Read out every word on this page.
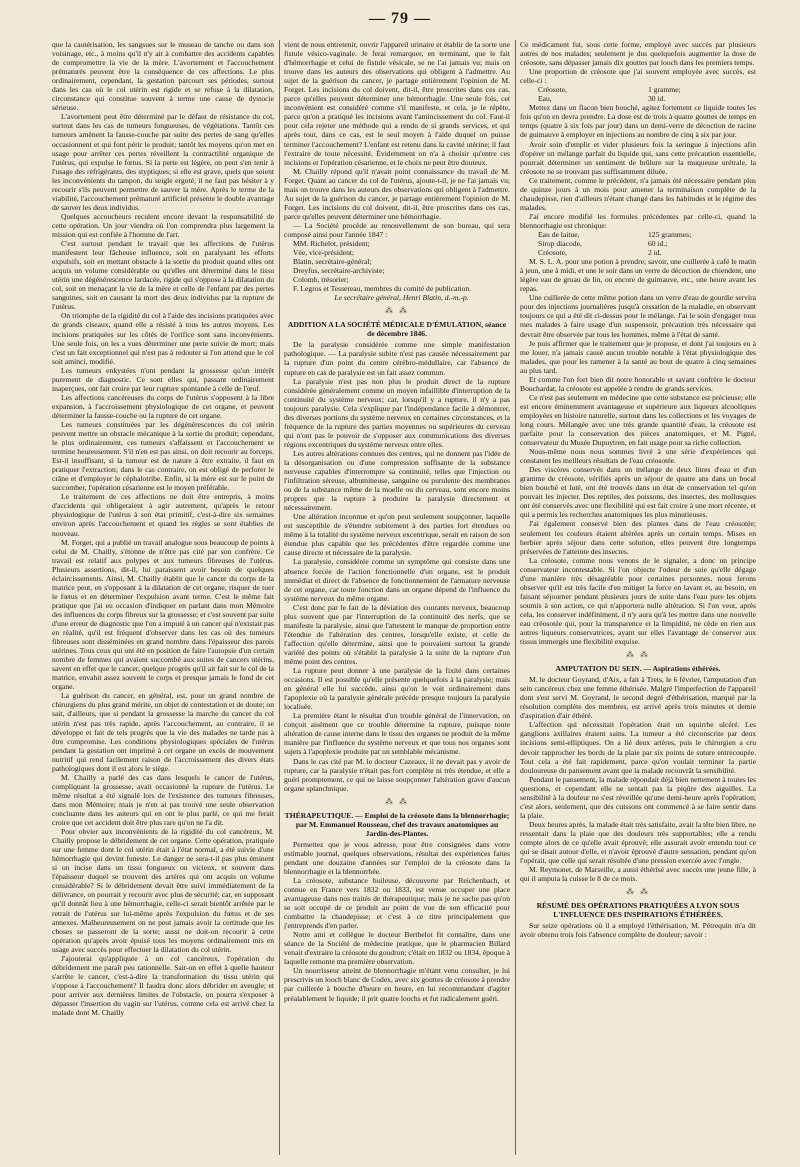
— 79 —

que la cautérisation, les sangsues sur le museau de tanche ou dans son voisinage, etc., à moins qu'il n'y ait à combattre des accidents capables de compromettre la vie de la mère. L'avortement et l'accouchement prématurés peuvent être la conséquence de ces affections. Le plus ordinairement, cependant, la gestation parcourt ses périodes, surtout dans les cas où le col utérin est rigide et se refuse à la dilatation, circonstance qui constitue souvent à terme une cause de dystocie sérieuse.

L'avortement peut être déterminé par le défaut de résistance du col, surtout dans les cas de tumeurs fongueuses, de végétations. Tantôt ces tumeurs amènent la fausse-couche par suite des pertes de sang qu'elles occasionnent et qui font périr le produit; tantôt les moyens qu'on met en usage pour arrêter ces pertes réveillent la contractilité organique de l'utérus, qui expulse le fœtus. Si la perte est légère, on peut s'en tenir à l'usage des réfrigérants, des styptiques; si elle est grave, quels que soient les inconvénients du tampon, du seigle ergoté, il ne faut pas hésiter à y recourir s'ils peuvent permettre de sauver la mère. Après le terme de la viabilité, l'accouchement prématuré artificiel présente le double avantage de sauver les deux individus.

Quelques accoucheurs reculent encore devant la responsabilité de cette opération. Un jour viendra où l'on comprendra plus largement la mission qui est confiée à l'homme de l'art.

C'est surtout pendant le travail que les affections de l'utérus manifestent leur fâcheuse influence, soit en paralysant les efforts expulsifs, soit en mettant obstacle à la sortie du produit quand elles ont acquis un volume considérable ou qu'elles ont déterminé dans le tissu utérin une dégénérescence lardacée, rigide qui s'oppose à la dilatation du col, soit en menaçant la vie de la mère et celle de l'enfant par des pertes sanguines, soit en causant la mort des deux individus par la rupture de l'utérus.

On triomphe de la rigidité du col à l'aide des incisions pratiquées avec de grands ciseaux, quand elle a résisté à tous les autres moyens. Les incisions pratiquées sur les côtés de l'orifice sont sans inconvénients. Une seule fois, on les a vues déterminer une perte suivie de mort; mais c'est un fait exceptionnel qui n'est pas à redouter si l'on attend que le col soit aminci, modifié.

Les tumeurs enkystées n'ont pendant la grossesse qu'un intérêt purement de diagnostic. Ce sont elles qui, passant ordinairement inaperçues, ont fait croire par leur rupture spontanée à celle de l'œuf.

Les affections cancéreuses du corps de l'utérus s'opposent à la libre expansion, à l'accroissement physiologique de cet organe, et peuvent déterminer la fausse-couche ou la rupture de cet organe.

Les tumeurs constituées par les dégénérescences du col utérin peuvent mettre un obstacle mécanique à la sortie du produit; cependant, le plus ordinairement, ces tumeurs s'affaissent et l'accouchement se termine heureusement. S'il n'en est pas ainsi, on doit recourir au forceps. Est-il insuffisant, si la tumeur est de nature à être extraite, il faut en pratiquer l'extraction; dans le cas contraire, on est obligé de perforer le crâne et d'employer le céphalotribe. Enfin, si la mère est sur le point de succomber, l'opération césarienne est le moyen préférable.

Le traitement de ces affections ne doit être entrepris, à moins d'accidents qui obligeraient à agir autrement, qu'après le retour physiologique de l'utérus à son état primitif, c'est-à-dire six semaines environ après l'accouchement et quand les règles se sont établies de nouveau.

M. Forget, qui a publié un travail analogue sous beaucoup de points à celui de M. Chailly, s'étonne de n'être pas cité par son confrère. Ce travail est relatif aux polypes et aux tumeurs fibreuses de l'utérus. Plusieurs assertions, dit-il, lui paraissent avoir besoin de quelques éclaircissements. Ainsi, M. Chailly établit que le cancer du corps de la matrice peut, en s'opposant à la dilatation de cet organe, risquer de tuer le fœtus et en déterminer l'expulsion avant terme. C'est le même fait pratique que j'ai eu occasion d'indiquer en parlant dans mon Mémoire des influences du corps fibreux sur la grossesse; et c'est souvent par suite d'une erreur de diagnostic que l'on a imputé à un cancer qui n'existait pas en réalité, qu'il est fréquent d'observer dans les cas où des tumeurs fibreuses sont disséminées en grand nombre dans l'épaisseur des parois utérines. Tous ceux qui ont été en position de faire l'autopsie d'un certain nombre de femmes qui avaient succombé aux suites de cancers utérins, savent en effet que le cancer, quelque progrès qu'il ait fait sur le col de la matrice, envahit assez souvent le corps et presque jamais le fond de cet organe.

La guérison du cancer, en général, est, pour un grand nombre de chirurgiens du plus grand mérite, un objet de contestation et de doute; on sait, d'ailleurs, que si pendant la grossesse la marche du cancer du col utérin n'est pas très rapide, après l'accouchement, au contraire, il se développe et fait de tels progrès que la vie des malades ne tarde pas à être compromise. Les conditions physiologiques spéciales de l'utérus pendant la gestation ont imprimé à cet organe un excès de mouvement nutritif qui rend facilement raison de l'accroissement des divers états pathologiques dont il est alors le siège.

M. Chailly a parlé des cas dans lesquels le cancer de l'utérus, compliquant la grossesse, avait occasionné la rupture de l'utérus. Le même résultat a été signalé lors de l'existence des tumeurs fibreuses, dans mon Mémoire; mais je n'en ai pas trouvé une seule observation concluante dans les auteurs qui en ont le plus parlé, ce qui me ferait croire que cet accident doit être plus rare qu'on ne l'a dit.

Pour obvier aux inconvénients de la rigidité du col cancéreux, M. Chailly propose le débridement de cet organe. Cette opération, pratiquée sur une femme dont le col utérin était à l'état normal, a été suivie d'une hémorrhagie qui devint funeste. Le danger ne sera-t-il pas plus éminent si on incise dans un tissu fongueux ou vicieux, et souvent dans l'épaisseur duquel se trouvent des artères qui ont acquis un volume considérable? Si le débridement devait être suivi immédiatement de la délivrance, on pourrait y recourir avec plus de sécurité; car, en supposant qu'il donnât lieu à une hémorrhagie, celle-ci serait bientôt arrêtée par le retrait de l'utérus sur lui-même après l'expulsion du fœtus et de ses annexes. Malheureusement on ne peut jamais avoir la certitude que les choses se passeront de la sorte; aussi ne doit-on recourir à cette opération qu'après avoir épuisé tous les moyens ordinairement mis en usage avec succès pour effectuer la dilatation du col utérin.

J'ajouterai qu'appliquée à un col cancéreux, l'opération du débridement me paraît peu rationnelle. Sait-on en effet à quelle hauteur s'arrête le cancer, c'est-à-dire la transformation du tissu utérin qui s'oppose à l'accouchement? Il faudra donc alors débrider en aveugle; et pour arriver aux dernières limites de l'obstacle, on pourra s'exposer à dépasser l'insertion du vagin sur l'utérus, comme cela est arrivé chez la malade dont M. Chailly

vient de nous entretenir, ouvrir l'appareil urinaire et établir de la sorte une fistule vésico-vaginale. Je ferai remarquer, en terminant, que le fait d'hémorrhagie et celui de fistule vésicale, se ne l'ai jamais vu; mais on trouve dans les auteurs des observations qui obligent à l'admettre. Au sujet de la guérison du cancer, je partage entièrement l'opinion de M. Forget. Les incisions du col doivent, dit-il, être proscrites dans ces cas, parce qu'elles peuvent déterminer une hémorrhagie. Une seule fois, cet inconvénient est considéré comme s'il manifeste, et cela, je le répète, parce qu'on a pratiqué les incisions avant l'amincissement du col. Faut-il pour cela rejeter une méthode qui a rendu de si grands services, et qui après tout, dans ce cas, est le seul moyen à l'aide duquel on puisse terminer l'accouchement? L'enfant est retenu dans la cavité utérine; il faut l'extraire de toute nécessité. Évidemment on n'a à choisir qu'entre ces incisions et l'opération césarienne, et le choix ne peut être douteux.

M. Chailly répond qu'il n'avait point connaissance du travail de M. Forget. Quant au cancer du col de l'utérus, ajoute-t-il, je ne l'ai jamais vu; mais on trouve dans les auteurs des observations qui obligent à l'admettre. Au sujet de la guérison du cancer, je partage entièrement l'opinion de M. Forget. Les incisions du col doivent, dit-il, être proscrites dans ces cas, parce qu'elles peuvent déterminer une hémorrhagie.

— La Société procède au renouvellement de son bureau, qui sera composé ainsi pour l'année 1847 :

MM. Richelot, président;

Vée, vice-président;

Blatin, secrétaire-général;

Dreyfus, secrétaire-archiviste;

Colomb, trésorier;

F. Legros et Tessereau, membres du comité de publication.

Le secrétaire général, Henri Blatin, d.-m.-p.

⁂ ⁂
ADDITION A LA SOCIÉTÉ MÉDICALE D'ÉMULATION, séance de décembre 1846.

De la paralysie considérée comme une simple manifestation pathologique. — La paralysie subite n'est pas causée nécessairement par la rupture d'un point du centre cérébro-médullaire, car l'absence de rupture en cas de paralysie est un fait assez commun.

La paralysie n'est pas non plus le produit direct de la rupture considérée généralement comme un moyen infaillible d'interruption de la continuité du système nerveux; car, lorsqu'il y a rupture, il n'y a pas toujours paralysie. Cela s'explique par l'indépendance facile à démontrer, des diverses portions du système nerveux en certaines circonstances, et la fréquence de la rupture des parties moyennes ou supérieures du cerveau qui n'ont pas le pouvoir de s'opposer aux communications des diverses régions excentriques du système nerveux entre elles.

Les autres altérations connues des centres, qui ne donnent pas l'idée de la désorganisation ou d'une compression suffisante de la substance nerveuse capables d'interrompre sa continuité, telles que l'injection ou l'infiltration séreuse, albumineuse, sanguine ou purulente des membranes ou de la substance même de la moelle ou du cerveau, sont encore moins propres que la rupture à produire la paralysie directement et nécessairement.

Une altération inconnue et qu'on peut seulement soupçonner, laquelle est susceptible de s'étendre subitement à des parties fort étendues ou même à la totalité du système nerveux excentrique, serait en raison de son étendue plus capable que les précédentes d'être regardée comme une cause directe et nécessaire de la paralysie.

La paralysie, considérée comme un symptôme qui consiste dans une absence forcée de l'action fonctionnelle d'un organe, est le produit immédiat et direct de l'absence de fonctionnement de l'armature nerveuse de cet organe, car toute fonction dans un organe dépend de l'influence du système nerveux du même organe.

C'est donc par le fait de la déviation des courants nerveux, beaucoup plus souvent que par l'interruption de la continuité des nerfs, que se manifeste la paralysie, ainsi que l'attestent le manque de proportion entre l'étendue de l'altération des centres, lorsqu'elle existe, et celle de l'affection qu'elle détermine, ainsi que le pouvaient surtout la grande variété des points où s'établit la paralysie à la suite de la rupture d'un même point des centres.

La rupture peut donner à une paralysie de la fixité dans certaines occasions. Il est possible qu'elle présente quelquefois à la paralysie; mais en général elle lui succède, ainsi qu'on le voit ordinairement dans l'apoplexie où la paralysie générale précède presque toujours la paralysie localisée.

La première étant le résultat d'un trouble général de l'innervation, on conçoit aisément que ce trouble détermine la rupture, puisque toute altération de cause interne dans le tissu des organes ne produit de la même manière par l'influence du système nerveux et que tous nos organes sont sujets à l'apoplexie produite par un semblable mécanisme.

Dans le cas cité par M. le docteur Cazeaux, il ne devait pas y avoir de rupture, car la paralysie n'était pas fort complète ni très étendue, et elle a guéri promptement, ce qui ne laisse soupçonner l'altération grave d'aucun organe splanchnique.

⁂ ⁂
THÉRAPEUTIQUE. — Emploi de la créosote dans la blennorrhagie; par M. Emmanuel Rousseau, chef des travaux anatomiques au Jardin-des-Plantes.

Permettez que je vous adresse, pour être consignées dans votre estimable journal, quelques observations, résultat des expériences faites pendant une douzaine d'années sur l'emploi de la créosote dans la blennorrhagie et la blennorrhée.

La créosote, substance huileuse, découverte par Reichenbach, et connue en France vers 1832 ou 1833, est venue occuper une place avantageuse dans nos traités de thérapeutique; mais je ne sache pas qu'on se soit occupé de ce produit au point de vue de son efficacité pour combattre la chaudepisse; et c'est à ce titre principalement que j'entreprends d'en parler.

Notre ami et collègue le docteur Berthelot fit connaître, dans une séance de la Société de médecine pratique, que le pharmacien Billard venait d'extraire la créosote du goudron; c'était en 1832 ou 1834, époque à laquelle remonte ma première observation.

Un nourrisseur atteint de blennorrhagie m'étant venu consulter, je lui prescrivis un looch blanc de Codex, avec six gouttes de créosote à prendre par cuillerée à bouche d'heure en heure, en lui recommandant d'agiter préalablement le liquide; il prit quatre loochs et fut radicalement guéri.

Ce médicament fut, sous cette forme, employé avec succès par plusieurs autres de nos malades; seulement je dus quelquefois augmenter la dose de créosote, sans dépasser jamais dix gouttes par looch dans les premiers temps.

Une proportion de créosote que j'ai souvent employée avec succès, est celle-ci :

Créosote,	1 gramme;

Eau,	30 id.

Mettez dans un flacon bien bouché, agitez fortement ce liquide toutes les fois qu'on en devra prendre. La dose est de trois à quatre gouttes de temps en temps (quatre à six fois par jour) dans un demi-verre de décoction de racine de guimauve à employer en injections au nombre de cinq à six par jour.

Avoir soin d'emplir et vider plusieurs fois la seringue à injections afin d'opérer un mélange parfait du liquide qui, sans cette précaution essentielle, pourrait déterminer un sentiment de brûlure sur la muqueuse urétrale, la créosote ne se trouvant pas suffisamment diluée.

Ce traitement, comme le précédent, n'a jamais été nécessaire pendant plus de quinze jours à un mois pour amener la terminaison complète de la chaudepisse, rien d'ailleurs n'étant changé dans les habitudes et le régime des malades.

J'ai encore modifié les formules précédentes par celle-ci, quand la blennorrhagie est chronique:

Eau de laitue,	125 grammes;

Sirop diacode,	60 id.;

Créosote,	2 id.

M. S. L. A. pour une potion à prendre; savoir, une cuillerée à café le matin à jeun, une à midi, et une le soir dans un verre de décoction de chiendent, une légère eau de gruau de lin, ou encore de guimauve, etc., une heure avant les repas.

Une cuillerée de cette même potion dans un verre d'eau de gourdie servira pour des injections journalières jusqu'à cessation de la maladie, en observant toujours ce qui a été dit ci-dessus pour le mélange. J'ai le soin d'engager tous mes malades à faire usage d'un suspensoir, précaution très nécessaire qui devrait être observée par tous les hommes, même à l'état de santé.

Je puis affirmer que le traitement que je propose, et dont j'ai toujours eu à me louer, n'a jamais causé aucun trouble notable à l'état physiologique des malades, que pour les ramener à la santé au bout de quatre à cinq semaines au plus tard.

Et comme l'on fort bien dit notre honorable et savant confrère le docteur Bouchardat, la créosote est appelée à rendre de grands services.

Ce n'est pas seulement en médecine que cette substance est précieuse; elle est encore éminemment avantageuse et supérieure aux liqueurs alcooliques employées en histoire naturelle, surtout dans les collections et les voyages de long cours. Mélangée avec une très grande quantité d'eau, la créosote est parfaite pour la conservation des pièces anatomiques, et M. Pigné, conservateur du Musée Dupuytren, en fait usage pour sa riche collection.

Nous-même nous nous sommes livré à une série d'expériences qui constatent les meilleurs résultats de l'eau créosotée.

Des viscères conservés dans un mélange de deux litres d'eau et d'un gramme de créosote, vérifiés après un séjour de quatre ans dans un bocal bien bouché et luté, ont été trouvés dans un état de conservation tel qu'on pouvait les injecter. Des reptiles, des poissons, des insectes, des mollusques ont été conservés avec une flexibilité qui est fait croire à une mort récente, et qui a permis les recherches anatomiques les plus minutieuses.

J'ai également conservé bien des plantes dans de l'eau créosotée; seulement les couleurs étaient altérées après un certain temps. Mises en herbier après séjour dans cette solution, elles peuvent être longtemps préservées de l'atteinte des insectes.

La créosote, comme nous venons de le signaler, a donc un principe conservateur incontestable. Si l'on objecte l'odeur de suie qu'elle dégage d'une manière très désagréable pour certaines personnes, nous ferons observer qu'il est très facile d'en mitiger la force en lavant et, au besoin, en faisant séjourner pendant plusieurs jours de suite dans l'eau pure les objets soumis à son action, ce qui n'apportera nulle altération. Si l'on veut, après cela, les conserver indéfiniment, il n'y aura qu'à les mettre dans une nouvelle eau créosotée qui, pour la transparence et la limpidité, ne cède en rien aux autres liqueurs conservatrices, ayant sur elles l'avantage de conserver aux tissus immergés une flexibilité exquise.

⁂ ⁂
AMPUTATION DU SEIN. — Aspirations éthérées.

M. le docteur Goyrand, d'Aix, a fait à Trets, le 6 février, l'amputation d'un sein cancéreux chez une femme éthérisée. Malgré l'imperfection de l'appareil dont s'est servi M. Goyrand, le second degré d'éthérisation, marqué par la résolution complète des membres, est arrivé après trois minutes et demie d'aspiration d'air éthéré.

L'affection qui nécessitait l'opération était un squirrhe ulcéré. Les ganglions axillaires étaient sains. La tumeur a été circonscrite par deux incisions semi-elliptiques. On a lié deux artères, puis le chirurgien a cru devoir rapprocher les bords de la plaie par six points de suture entrecoupée. Tout cela a été fait rapidement, parce qu'on voulait terminer la partie douloureuse du pansement avant que la malade recouvrât la sensibilité.

Pendant le pansement, la malade répondait déjà bien nettement à toutes les questions, et cependant elle ne sentait pas la piqûre des aiguilles. La sensibilité à la douleur ne s'est réveillée qu'une demi-heure après l'opération; c'est alors, seulement, que des cuissons ont commencé à se faire sentir dans la plaie.

Deux heures après, la malade était très satisfaite, avait la tête bien libre, ne ressentait dans la plaie que des douleurs très supportables; elle a rendu compte alors de ce qu'elle avait éprouvé; elle assurait avoir entendu tout ce qui se disait autour d'elle, et n'avoir éprouvé d'autre sensation, pendant qu'on l'opérait, que celle qui serait résultée d'une pression exercée avec l'ongle.

M. Reymonet, de Marseille, a aussi éthérisé avec succès une jeune fille, à qui il amputa la cuisse le 8 de ce mois.

⁂ ⁂
RÉSUMÉ DES OPÉRATIONS PRATIQUÉES A LYON SOUS L'INFLUENCE DES INSPIRATIONS ÉTHÉRÉES.

Sur seize opérations où il a employé l'éthérisation, M. Pétrequin m'a dit avoir obtenu trois fois l'absence complète de douleur; savoir :
